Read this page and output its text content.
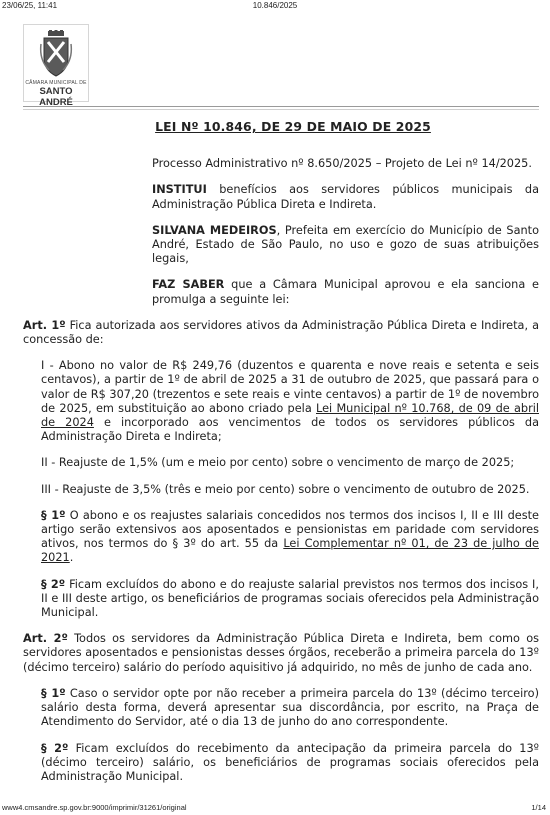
23/06/25, 11:41	10.846/2025
CÂMARA MUNICIPAL DE
SANTO ANDRÉ
LEI Nº 10.846, DE 29 DE MAIO DE 2025

Processo Administrativo nº 8.650/2025 – Projeto de Lei nº 14/2025.

INSTITUI benefícios aos servidores públicos municipais da Administração Pública Direta e Indireta.

SILVANA MEDEIROS, Prefeita em exercício do Município de Santo André, Estado de São Paulo, no uso e gozo de suas atribuições legais,

FAZ SABER que a Câmara Municipal aprovou e ela sanciona e promulga a seguinte lei:

Art. 1º Fica autorizada aos servidores ativos da Administração Pública Direta e Indireta, a concessão de:

I - Abono no valor de R$ 249,76 (duzentos e quarenta e nove reais e setenta e seis centavos), a partir de 1º de abril de 2025 a 31 de outubro de 2025, que passará para o valor de R$ 307,20 (trezentos e sete reais e vinte centavos) a partir de 1º de novembro de 2025, em substituição ao abono criado pela Lei Municipal nº 10.768, de 09 de abril de 2024 e incorporado aos vencimentos de todos os servidores públicos da Administração Direta e Indireta;

II - Reajuste de 1,5% (um e meio por cento) sobre o vencimento de março de 2025;

III - Reajuste de 3,5% (três e meio por cento) sobre o vencimento de outubro de 2025.

§ 1º O abono e os reajustes salariais concedidos nos termos dos incisos I, II e III deste artigo serão extensivos aos aposentados e pensionistas em paridade com servidores ativos, nos termos do § 3º do art. 55 da Lei Complementar nº 01, de 23 de julho de 2021.

§ 2º Ficam excluídos do abono e do reajuste salarial previstos nos termos dos incisos I, II e III deste artigo, os beneficiários de programas sociais oferecidos pela Administração Municipal.

Art. 2º Todos os servidores da Administração Pública Direta e Indireta, bem como os servidores aposentados e pensionistas desses órgãos, receberão a primeira parcela do 13º (décimo terceiro) salário do período aquisitivo já adquirido, no mês de junho de cada ano.

§ 1º Caso o servidor opte por não receber a primeira parcela do 13º (décimo terceiro) salário desta forma, deverá apresentar sua discordância, por escrito, na Praça de Atendimento do Servidor, até o dia 13 de junho do ano correspondente.

§ 2º Ficam excluídos do recebimento da antecipação da primeira parcela do 13º (décimo terceiro) salário, os beneficiários de programas sociais oferecidos pela Administração Municipal.

www4.cmsandre.sp.gov.br:9000/imprimir/31261/original	1/14
